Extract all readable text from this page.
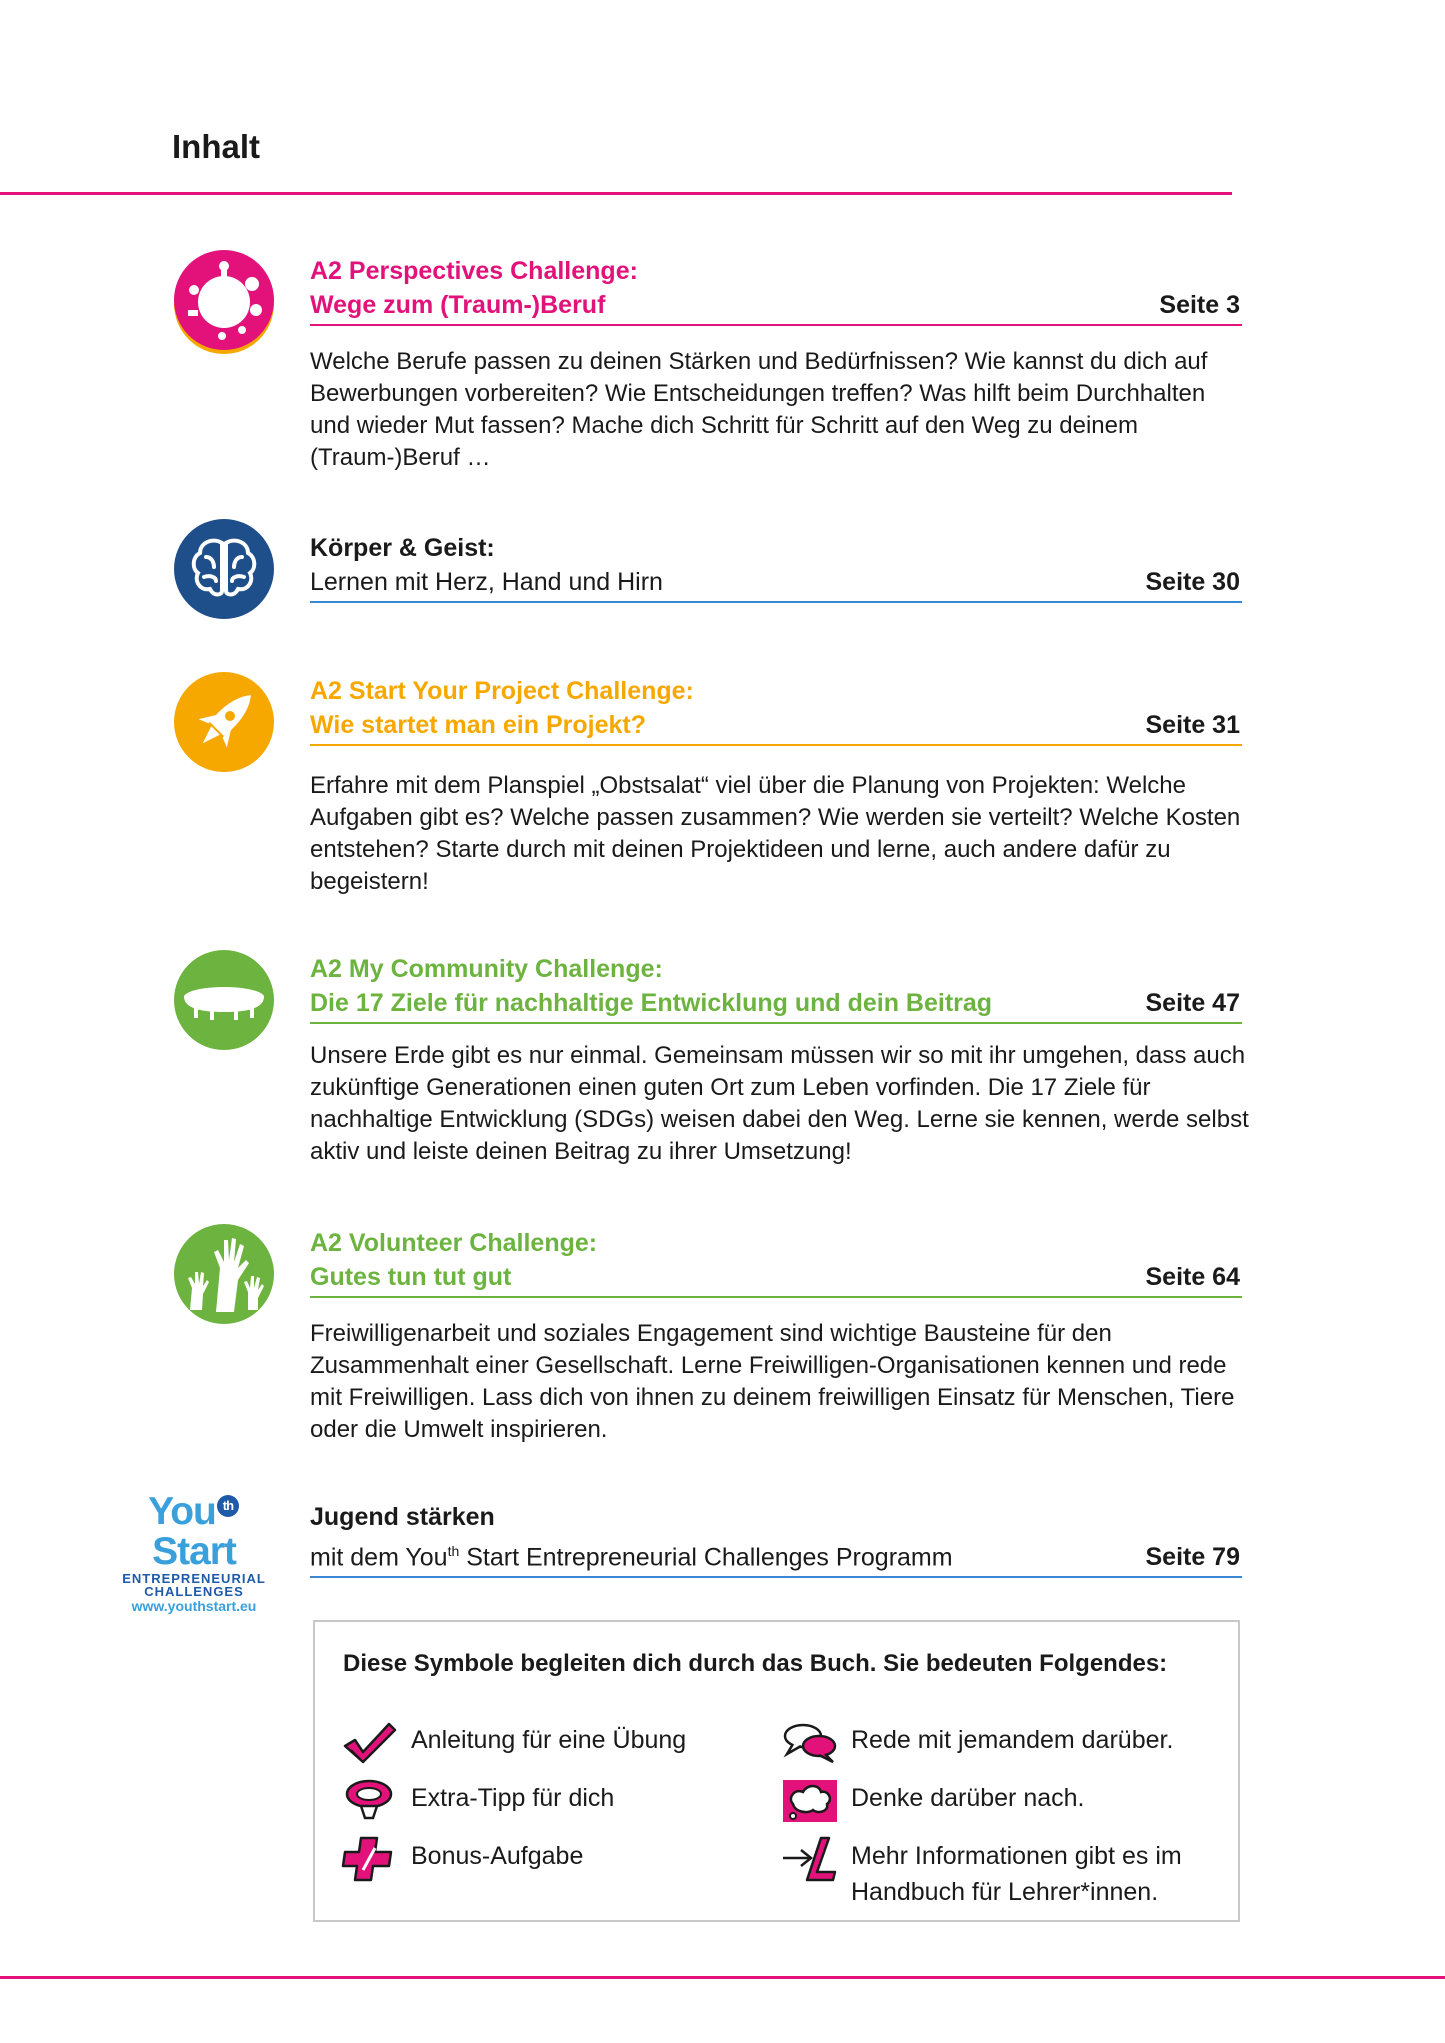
Inhalt
A2 Perspectives Challenge:
Wege zum (Traum-)Beruf	Seite 3
Welche Berufe passen zu deinen Stärken und Bedürfnissen? Wie kannst du dich auf Bewerbungen vorbereiten? Wie Entscheidungen treffen? Was hilft beim Durchhalten und wieder Mut fassen? Mache dich Schritt für Schritt auf den Weg zu deinem (Traum-)Beruf …
Körper & Geist:
Lernen mit Herz, Hand und Hirn	Seite 30
A2 Start Your Project Challenge:
Wie startet man ein Projekt?	Seite 31
Erfahre mit dem Planspiel „Obstsalat“ viel über die Planung von Projekten: Welche Aufgaben gibt es? Welche passen zusammen? Wie werden sie verteilt? Welche Kosten entstehen? Starte durch mit deinen Projektideen und lerne, auch andere dafür zu begeistern!
A2 My Community Challenge:
Die 17 Ziele für nachhaltige Entwicklung und dein Beitrag	Seite 47
Unsere Erde gibt es nur einmal. Gemeinsam müssen wir so mit ihr umgehen, dass auch zukünftige Generationen einen guten Ort zum Leben vorfinden. Die 17 Ziele für nachhaltige Entwicklung (SDGs) weisen dabei den Weg. Lerne sie kennen, werde selbst aktiv und leiste deinen Beitrag zu ihrer Umsetzung!
A2 Volunteer Challenge:
Gutes tun tut gut	Seite 64
Freiwilligenarbeit und soziales Engagement sind wichtige Bausteine für den Zusammenhalt einer Gesellschaft. Lerne Freiwilligen-Organisationen kennen und rede mit Freiwilligen. Lass dich von ihnen zu deinem freiwilligen Einsatz für Menschen, Tiere oder die Umwelt inspirieren.
You thStart
ENTREPRENEURIAL
CHALLENGES
www.youthstart.eu
Jugend stärken
mit dem You$^{th}$ Start Entrepreneurial Challenges Programm	Seite 79
Diese Symbole begleiten dich durch das Buch. Sie bedeuten Folgendes:
Anleitung für eine Übung	Rede mit jemandem darüber.
Extra-Tipp für dich	Denke darüber nach.
Bonus-Aufgabe	Mehr Informationen gibt es im
Handbuch für Lehrer*innen.
